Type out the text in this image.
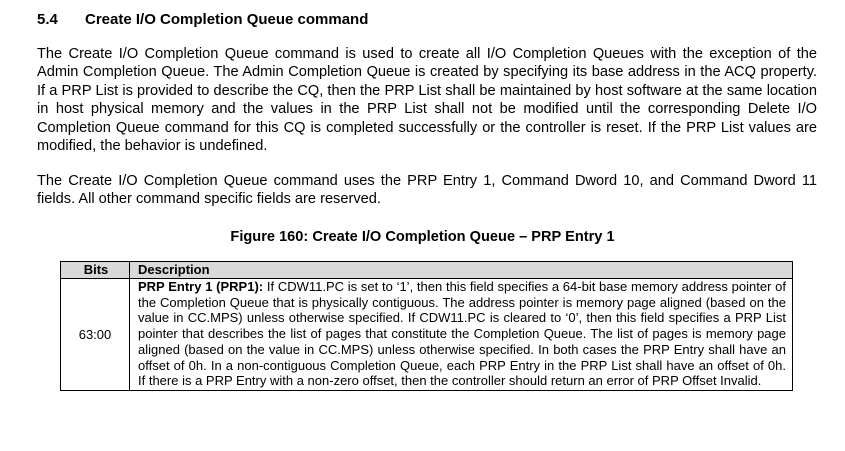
5.4 Create I/O Completion Queue command

The Create I/O Completion Queue command is used to create all I/O Completion Queues with the exception of the Admin Completion Queue. The Admin Completion Queue is created by specifying its base address in the ACQ property. If a PRP List is provided to describe the CQ, then the PRP List shall be maintained by host software at the same location in host physical memory and the values in the PRP List shall not be modified until the corresponding Delete I/O Completion Queue command for this CQ is completed successfully or the controller is reset. If the PRP List values are modified, the behavior is undefined.

The Create I/O Completion Queue command uses the PRP Entry 1, Command Dword 10, and Command Dword 11 fields. All other command specific fields are reserved.

Figure 160: Create I/O Completion Queue – PRP Entry 1
Bits	Description
63:00	PRP Entry 1 (PRP1): If CDW11.PC is set to ‘1’, then this field specifies a 64-bit base memory address pointer of the Completion Queue that is physically contiguous. The address pointer is memory page aligned (based on the value in CC.MPS) unless otherwise specified. If CDW11.PC is cleared to ‘0’, then this field specifies a PRP List pointer that describes the list of pages that constitute the Completion Queue. The list of pages is memory page aligned (based on the value in CC.MPS) unless otherwise specified. In both cases the PRP Entry shall have an offset of 0h. In a non-contiguous Completion Queue, each PRP Entry in the PRP List shall have an offset of 0h. If there is a PRP Entry with a non-zero offset, then the controller should return an error of PRP Offset Invalid.
